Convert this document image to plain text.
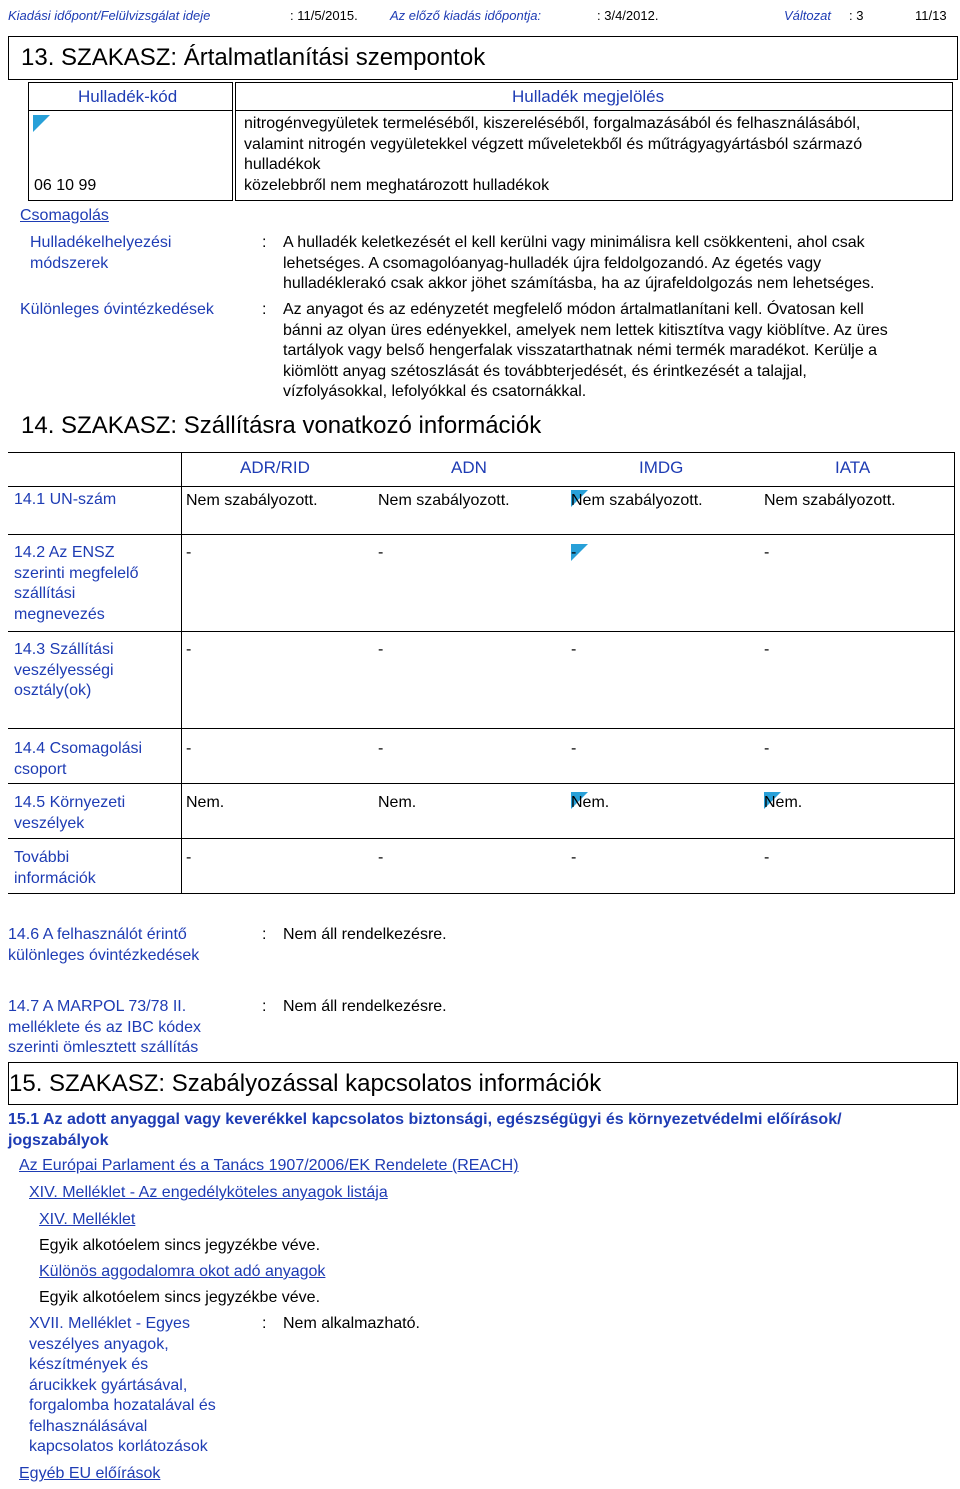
Kiadási időpont/Felülvizsgálat ideje	: 11/5/2015. Az előző kiadás időpontja:	: 3/4/2012.	Változat : 3	11/13
13. SZAKASZ: Ártalmatlanítási szempontok
Hulladék-kód	Hulladék megjelölés
06 10 99
nitrogénvegyületek termeléséből, kiszereléséből, forgalmazásából és felhasználásából,
valamint nitrogén vegyületekkel végzett műveletekből és műtrágyagyártásból származó
hulladékok
közelebbről nem meghatározott hulladékok
Csomagolás
Hulladékelhelyezési
módszerek
: A hulladék keletkezését el kell kerülni vagy minimálisra kell csökkenteni, ahol csak
lehetséges. A csomagolóanyag-hulladék újra feldolgozandó. Az égetés vagy
hulladéklerakó csak akkor jöhet számításba, ha az újrafeldolgozás nem lehetséges.
Különleges óvintézkedések	: Az anyagot és az edényzetét megfelelő módon ártalmatlanítani kell. Óvatosan kell
bánni az olyan üres edényekkel, amelyek nem lettek kitisztítva vagy kiöblítve. Az üres
tartályok vagy belső hengerfalak visszatarthatnak némi termék maradékot. Kerülje a
kiömlött anyag szétoszlását és továbbterjedését, és érintkezését a talajjal,
vízfolyásokkal, lefolyókkal és csatornákkal.
14. SZAKASZ: Szállításra vonatkozó információk
ADR/RID	ADN	IMDG	IATA
14.1 UN-szám	Nem szabályozott.	Nem szabályozott.	Nem szabályozott.	Nem szabályozott.
14.2 Az ENSZ
szerinti megfelelő
szállítási
megnevezés
-	-	-	-
14.3 Szállítási
veszélyességi
osztály(ok)
-	-	-	-
14.4 Csomagolási
csoport
-	-	-	-
14.5 Környezeti
veszélyek
Nem.	Nem.	Nem.	Nem.
További
információk
-	-	-	-
14.6 A felhasználót érintő
különleges óvintézkedések
: Nem áll rendelkezésre.
14.7 A MARPOL 73/78 II.
melléklete és az IBC kódex
szerinti ömlesztett szállítás
: Nem áll rendelkezésre.
15. SZAKASZ: Szabályozással kapcsolatos információk
15.1 Az adott anyaggal vagy keverékkel kapcsolatos biztonsági, egészségügyi és környezetvédelmi előírások/
jogszabályok
Az Európai Parlament és a Tanács 1907/2006/EK Rendelete (REACH)
XIV. Melléklet - Az engedélyköteles anyagok listája
XIV. Melléklet
Egyik alkotóelem sincs jegyzékbe véve.
Különös aggodalomra okot adó anyagok
Egyik alkotóelem sincs jegyzékbe véve.
XVII. Melléklet - Egyes
veszélyes anyagok,
készítmények és
árucikkek gyártásával,
forgalomba hozatalával és
felhasználásával
kapcsolatos korlátozások
: Nem alkalmazható.
Egyéb EU előírások
